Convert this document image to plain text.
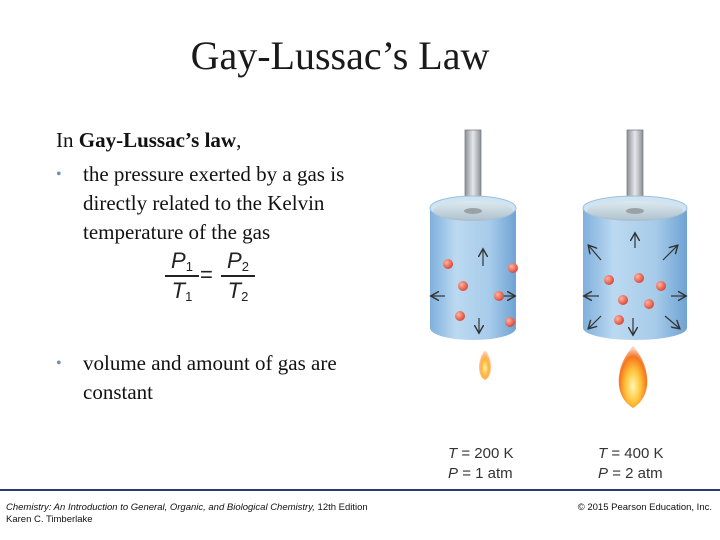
Gay-Lussac’s Law
In Gay-Lussac’s law,
• the pressure exerted by a gas is directly related to the Kelvin temperature of the gas
$P_1$
$T_1$
=
$P_2$
$T_2$
• volume and amount of gas are constant
T = 200 K
P = 1 atm
T = 400 K
P = 2 atm
Chemistry: An Introduction to General, Organic, and Biological Chemistry, 12th Edition
Karen C. Timberlake
© 2015 Pearson Education, Inc.
